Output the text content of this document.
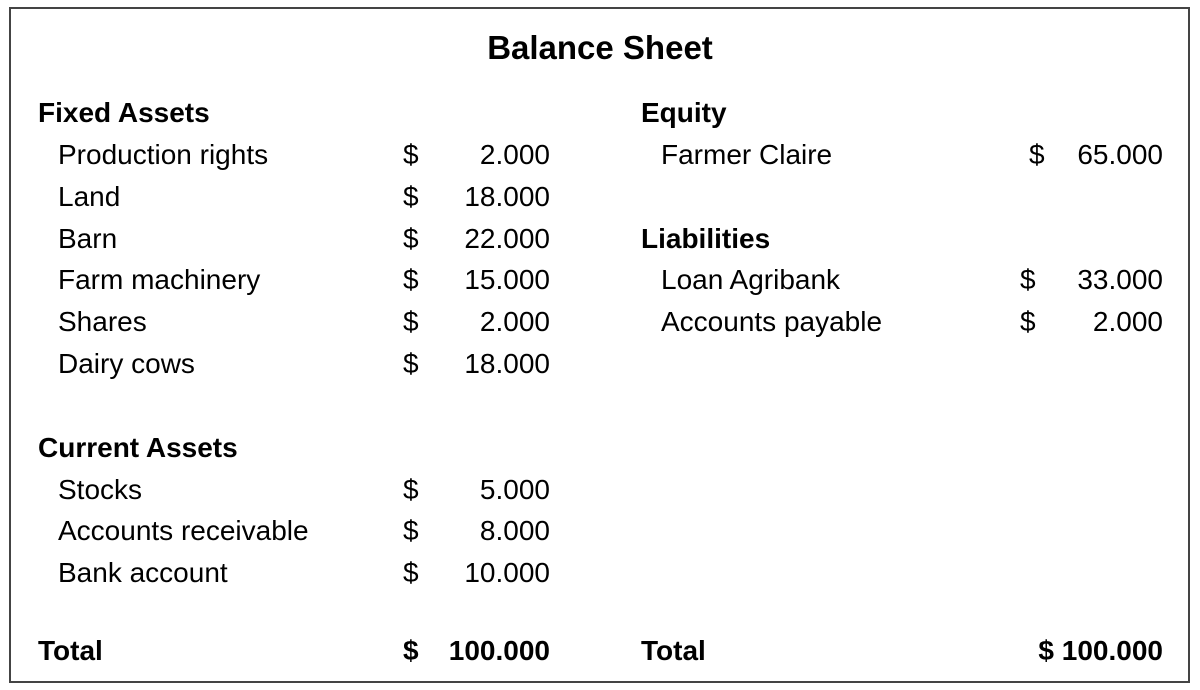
Balance Sheet
Fixed Assets
Production rights	$	2.000
Land	$	18.000
Barn	$	22.000
Farm machinery	$	15.000
Shares	$	2.000
Dairy cows	$	18.000
Current Assets
Stocks	$	5.000
Accounts receivable	$	8.000
Bank account	$	10.000
Total	$	100.000
Equity
Farmer Claire	$	65.000
Liabilities
Loan Agribank	$	33.000
Accounts payable	$	2.000
Total	$ 100.000
